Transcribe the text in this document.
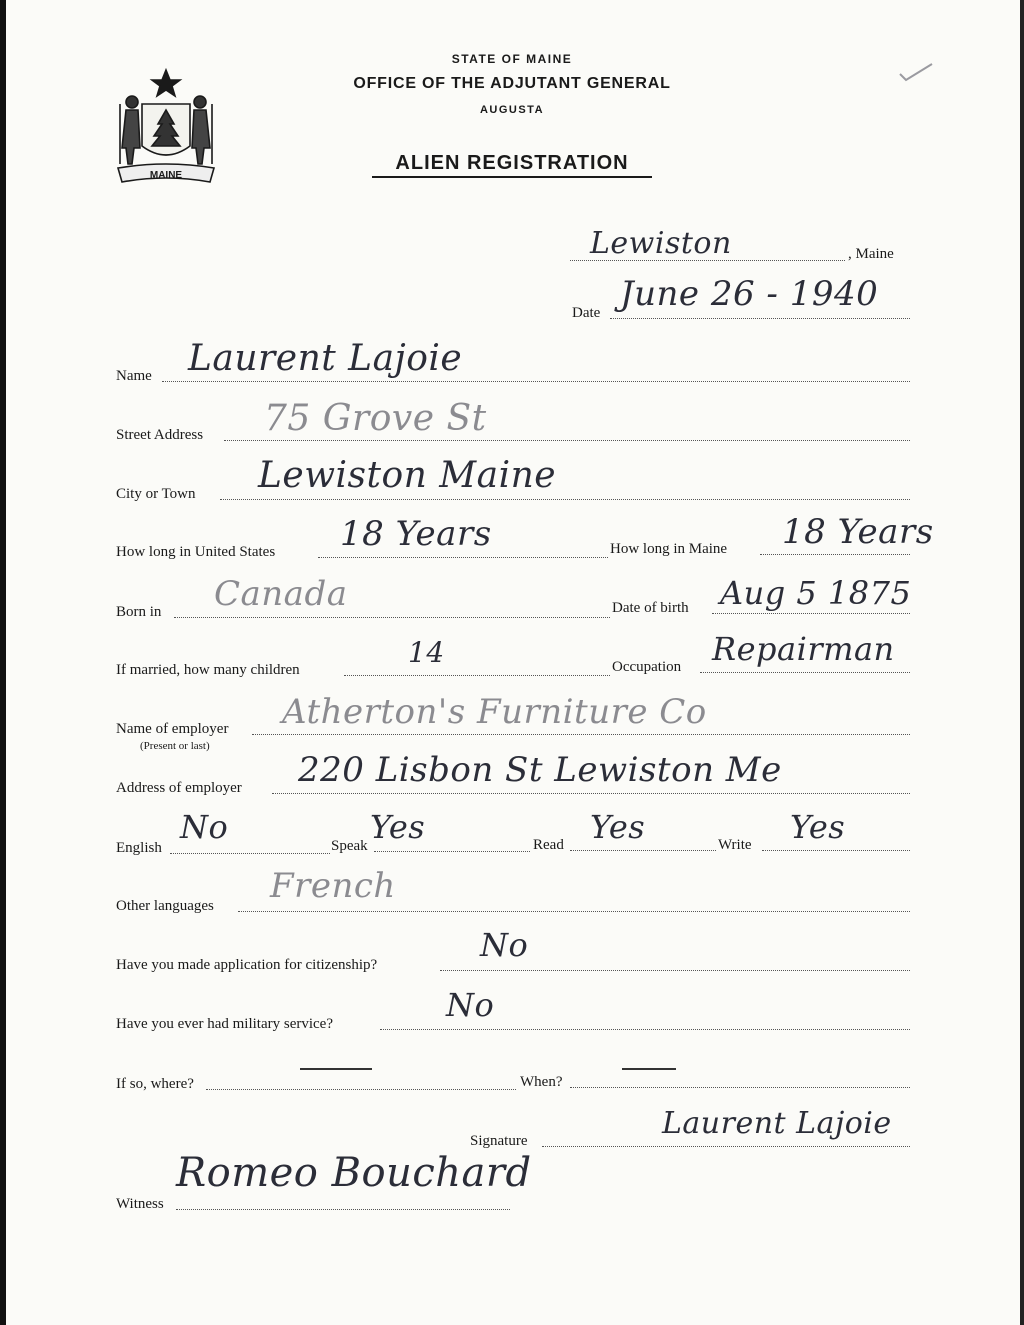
MAINE
STATE OF MAINE
OFFICE OF THE ADJUTANT GENERAL
AUGUSTA
ALIEN REGISTRATION
Lewiston	, Maine
Date June 26 - 1940
Name Laurent Lajoie
Street Address 75 Grove St
City or Town Lewiston Maine
How long in United States 18 Years	How long in Maine 18 Years
Born in Canada	Date of birth Aug 5 1875
If married, how many children
14	Occupation Repairman
Name of employer
(Present or last)
Atherton's Furniture Co
Address of employer 220 Lisbon St Lewiston Me
English
No	Speak Yes	Read Yes	Write Yes
Other languages French
Have you made application for citizenship?
No
Have you ever had military service?	No
If so, where?	When?
Signature	Laurent Lajoie
Witness
Romeo Bouchard
